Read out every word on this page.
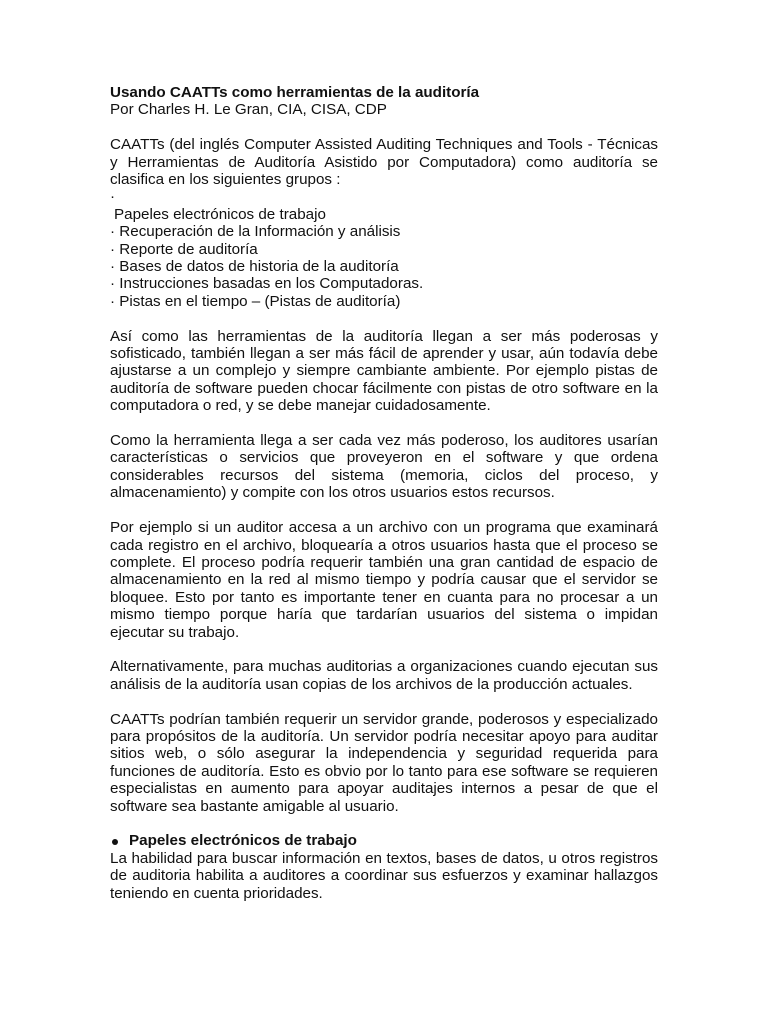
Usando CAATTs como herramientas de la auditoría

Por Charles H. Le Gran, CIA, CISA, CDP

CAATTs (del inglés Computer Assisted Auditing Techniques and Tools - Técnicas y Herramientas de Auditoría Asistido por Computadora) como auditoría se clasifica en los siguientes grupos :

·

Papeles electrónicos de trabajo
· Recuperación de la Información y análisis
· Reporte de auditoría
· Bases de datos de historia de la auditoría
· Instrucciones basadas en los Computadoras.
· Pistas en el tiempo – (Pistas de auditoría)

Así como las herramientas de la auditoría llegan a ser más poderosas y sofisticado, también llegan a ser más fácil de aprender y usar, aún todavía debe ajustarse a un complejo y siempre cambiante ambiente. Por ejemplo pistas de auditoría de software pueden chocar fácilmente con pistas de otro software en la computadora o red, y se debe manejar cuidadosamente.

Como la herramienta llega a ser cada vez más poderoso, los auditores usarían características o servicios que proveyeron en el software y que ordena considerables recursos del sistema (memoria, ciclos del proceso, y almacenamiento) y compite con los otros usuarios estos recursos.

Por ejemplo si un auditor accesa a un archivo con un programa que examinará cada registro en el archivo, bloquearía a otros usuarios hasta que el proceso se complete. El proceso podría requerir también una gran cantidad de espacio de almacenamiento en la red al mismo tiempo y podría causar que el servidor se bloquee. Esto por tanto es importante tener en cuanta para no procesar a un mismo tiempo porque haría que tardarían usuarios del sistema o impidan ejecutar su trabajo.

Alternativamente, para muchas auditorias a organizaciones cuando ejecutan sus análisis de la auditoría usan copias de los archivos de la producción actuales.

CAATTs podrían también requerir un servidor grande, poderosos y especializado para propósitos de la auditoría. Un servidor podría necesitar apoyo para auditar sitios web, o sólo asegurar la independencia y seguridad requerida para funciones de auditoría. Esto es obvio por lo tanto para ese software se requieren especialistas en aumento para apoyar auditajes internos a pesar de que el software sea bastante amigable al usuario.

Papeles electrónicos de trabajo

La habilidad para buscar información en textos, bases de datos, u otros registros de auditoria habilita a auditores a coordinar sus esfuerzos y examinar hallazgos teniendo en cuenta prioridades.
